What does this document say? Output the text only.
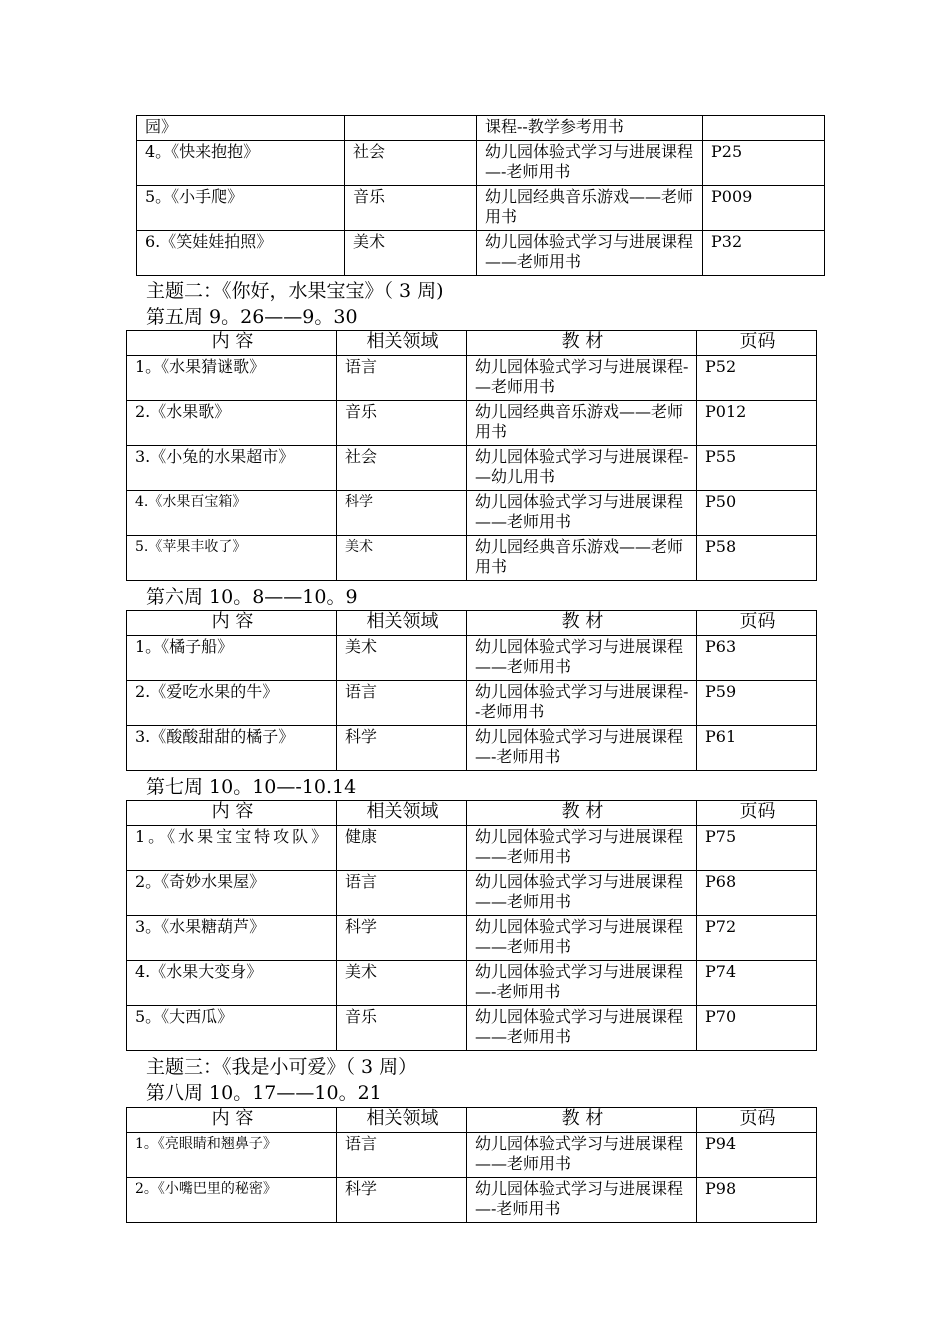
园》		课程--教学参考用书	
4。《快来抱抱》	社会	幼儿园体验式学习与进展课程—-老师用书	P25
5。《小手爬》	音乐	幼儿园经典音乐游戏——老师用书	P009
6.《笑娃娃拍照》	美术	幼儿园体验式学习与进展课程——老师用书	P32
主题二：《你好，水果宝宝》（ 3 周)
第五周 9。26——9。30
内 容	相关领域	教 材	页码
1。《水果猜谜歌》	语言	幼儿园体验式学习与进展课程-—老师用书	P52
2.《水果歌》	音乐	幼儿园经典音乐游戏——老师用书	P012
3.《小兔的水果超市》	社会	幼儿园体验式学习与进展课程-—幼儿用书	P55
4.《水果百宝箱》	科学	幼儿园体验式学习与进展课程——老师用书	P50
5.《苹果丰收了》	美术	幼儿园经典音乐游戏——老师用书	P58
第六周 10。8——10。9
内 容	相关领域	教 材	页码
1。《橘子船》	美术	幼儿园体验式学习与进展课程——老师用书	P63
2.《爱吃水果的牛》	语言	幼儿园体验式学习与进展课程--老师用书	P59
3.《酸酸甜甜的橘子》	科学	幼儿园体验式学习与进展课程—-老师用书	P61
第七周 10。10—-10.14
内 容	相关领域	教 材	页码
1。《水果宝宝特攻队》	健康	幼儿园体验式学习与进展课程——老师用书	P75
2。《奇妙水果屋》	语言	幼儿园体验式学习与进展课程——老师用书	P68
3。《水果糖葫芦》	科学	幼儿园体验式学习与进展课程——老师用书	P72
4.《水果大变身》	美术	幼儿园体验式学习与进展课程—-老师用书	P74
5。《大西瓜》	音乐	幼儿园体验式学习与进展课程——老师用书	P70
主题三：《我是小可爱》（ 3 周）
第八周 10。17——10。21
内 容	相关领域	教 材	页码
1。《亮眼睛和翘鼻子》	语言	幼儿园体验式学习与进展课程——老师用书	P94
2。《小嘴巴里的秘密》	科学	幼儿园体验式学习与进展课程—-老师用书	P98
